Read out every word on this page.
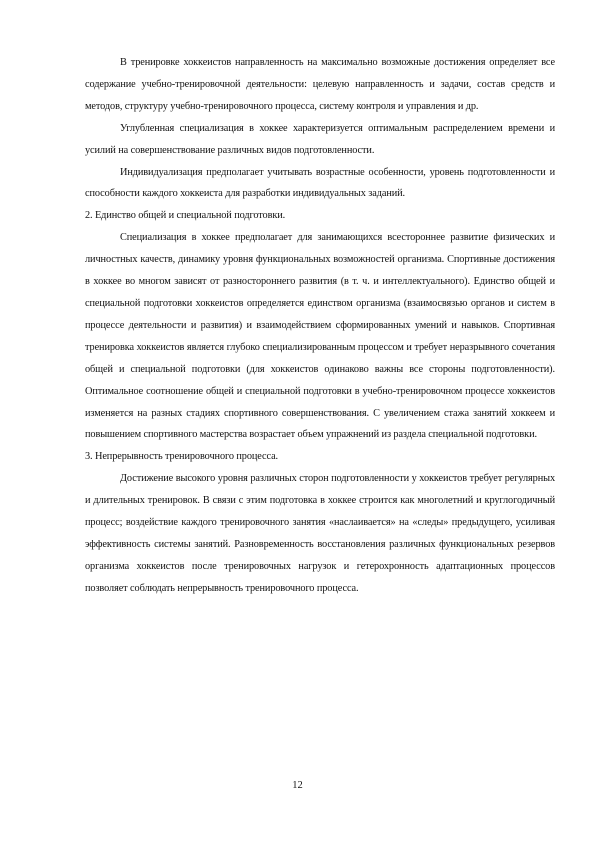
В тренировке хоккеистов направленность на максимально возможные достижения определяет все содержание учебно-тренировочной деятельности: целевую направленность и задачи, состав средств и методов, структуру учебно-тренировочного процесса, систему контроля и управления и др.

Углубленная специализация в хоккее характеризуется оптимальным распределением времени и усилий на совершенствование различных видов подготовленности.

Индивидуализация предполагает учитывать возрастные особенности, уровень подготовленности и способности каждого хоккеиста для разработки индивидуальных заданий.

2. Единство общей и специальной подготовки.

Специализация в хоккее предполагает для занимающихся всестороннее развитие физических и личностных качеств, динамику уровня функциональных возможностей организма. Спортивные достижения в хоккее во многом зависят от разностороннего развития (в т. ч. и интеллектуального). Единство общей и специальной подготовки хоккеистов определяется единством организма (взаимосвязью органов и систем в процессе деятельности и развития) и взаимодействием сформированных умений и навыков. Спортивная тренировка хоккеистов является глубоко специализированным процессом и требует неразрывного сочетания общей и специальной подготовки (для хоккеистов одинаково важны все стороны подготовленности). Оптимальное соотношение общей и специальной подготовки в учебно-тренировочном процессе хоккеистов изменяется на разных стадиях спортивного совершенствования. С увеличением стажа занятий хоккеем и повышением спортивного мастерства возрастает объем упражнений из раздела специальной подготовки.

3. Непрерывность тренировочного процесса.

Достижение высокого уровня различных сторон подготовленности у хоккеистов требует регулярных и длительных тренировок. В связи с этим подготовка в хоккее строится как многолетний и круглогодичный процесс; воздействие каждого тренировочного занятия «наслаивается» на «следы» предыдущего, усиливая эффективность системы занятий. Разновременность восстановления различных функциональных резервов организма хоккеистов после тренировочных нагрузок и гетерохронность адаптационных процессов позволяет соблюдать непрерывность тренировочного процесса.

12
